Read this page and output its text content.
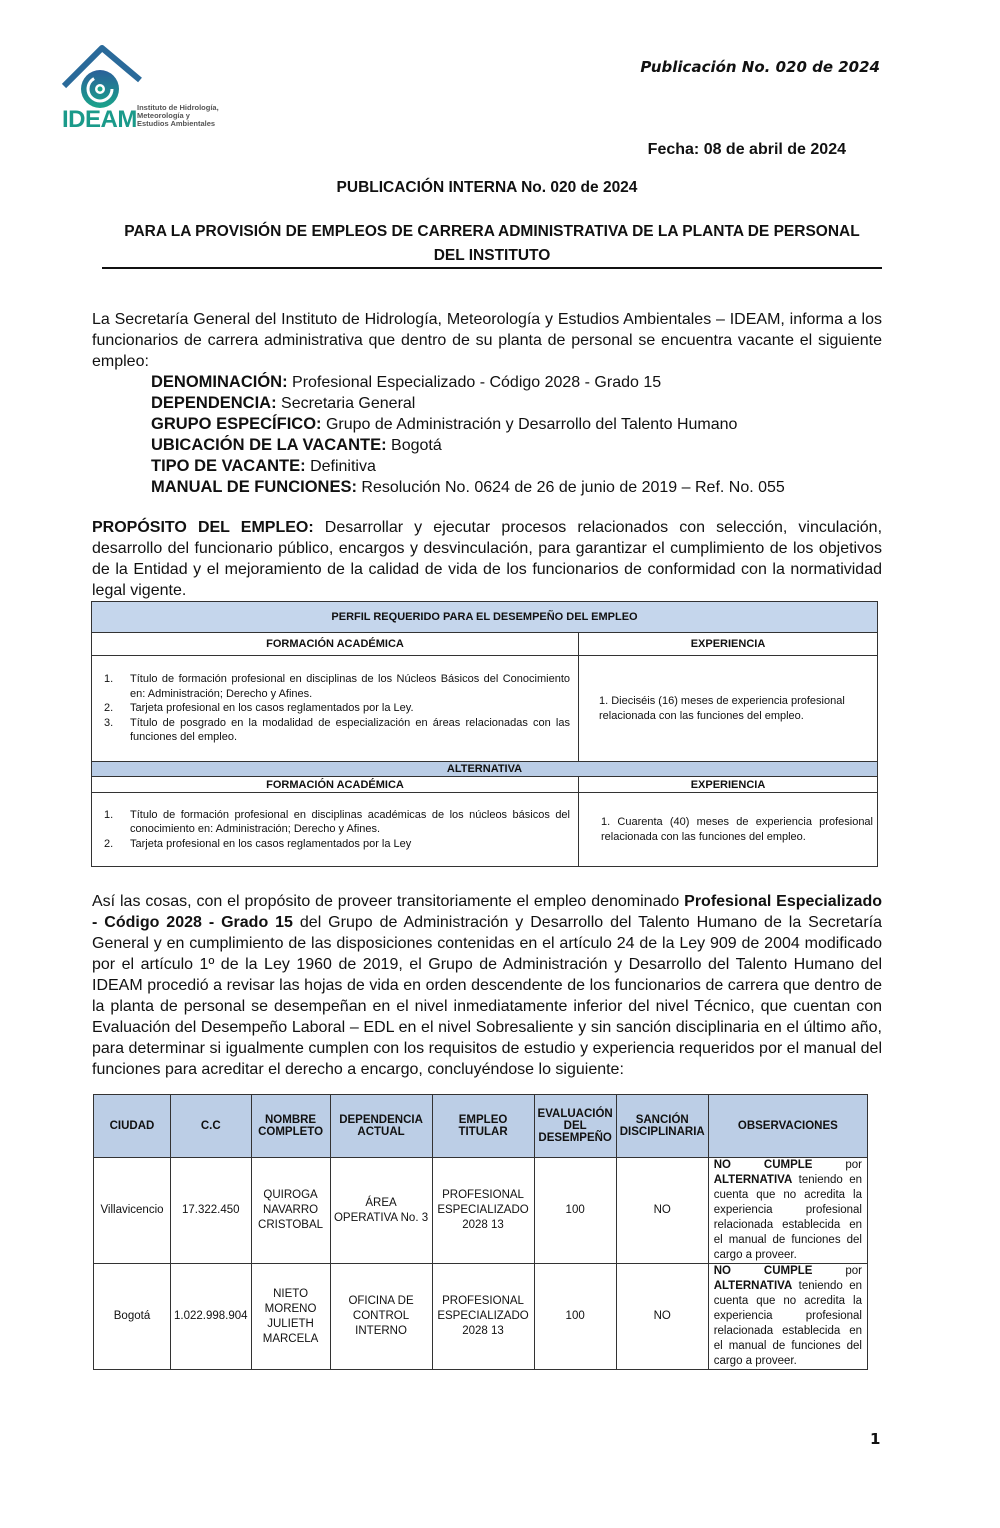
IDEAM Instituto de Hidrología,
Meteorología y
Estudios Ambientales
Publicación No. 020 de 2024
Fecha: 08 de abril de 2024
PUBLICACIÓN INTERNA No. 020 de 2024
PARA LA PROVISIÓN DE EMPLEOS DE CARRERA ADMINISTRATIVA DE LA PLANTA DE PERSONAL DEL INSTITUTO
La Secretaría General del Instituto de Hidrología, Meteorología y Estudios Ambientales – IDEAM, informa a los funcionarios de carrera administrativa que dentro de su planta de personal se encuentra vacante el siguiente empleo:
DENOMINACIÓN: Profesional Especializado - Código 2028 - Grado 15
DEPENDENCIA: Secretaria General
GRUPO ESPECÍFICO: Grupo de Administración y Desarrollo del Talento Humano
UBICACIÓN DE LA VACANTE: Bogotá
TIPO DE VACANTE: Definitiva
MANUAL DE FUNCIONES: Resolución No. 0624 de 26 de junio de 2019 – Ref. No. 055
PROPÓSITO DEL EMPLEO: Desarrollar y ejecutar procesos relacionados con selección, vinculación, desarrollo del funcionario público, encargos y desvinculación, para garantizar el cumplimiento de los objetivos de la Entidad y el mejoramiento de la calidad de vida de los funcionarios de conformidad con la normatividad legal vigente.
PERFIL REQUERIDO PARA EL DESEMPEÑO DEL EMPLEO	
FORMACIÓN ACADÉMICA	EXPERIENCIA

1. Título de formación profesional en disciplinas de los Núcleos Básicos del Conocimiento en: Administración; Derecho y Afines.
2. Tarjeta profesional en los casos reglamentados por la Ley.
3. Título de posgrado en la modalidad de especialización en áreas relacionadas con las funciones del empleo.
	1. Dieciséis (16) meses de experiencia profesional relacionada con las funciones del empleo.
ALTERNATIVA	
FORMACIÓN ACADÉMICA	EXPERIENCIA

1. Título de formación profesional en disciplinas académicas de los núcleos básicos del conocimiento en: Administración; Derecho y Afines.
2. Tarjeta profesional en los casos reglamentados por la Ley
	1. Cuarenta (40) meses de experiencia profesional relacionada con las funciones del empleo.
Así las cosas, con el propósito de proveer transitoriamente el empleo denominado Profesional Especializado - Código 2028 - Grado 15 del Grupo de Administración y Desarrollo del Talento Humano de la Secretaría General y en cumplimiento de las disposiciones contenidas en el artículo 24 de la Ley 909 de 2004 modificado por el artículo 1º de la Ley 1960 de 2019, el Grupo de Administración y Desarrollo del Talento Humano del IDEAM procedió a revisar las hojas de vida en orden descendente de los funcionarios de carrera que dentro de la planta de personal se desempeñan en el nivel inmediatamente inferior del nivel Técnico, que cuentan con Evaluación del Desempeño Laboral – EDL en el nivel Sobresaliente y sin sanción disciplinaria en el último año, para determinar si igualmente cumplen con los requisitos de estudio y experiencia requeridos por el manual del funciones para acreditar el derecho a encargo, concluyéndose lo siguiente:
CIUDAD	C.C	NOMBRE COMPLETO	DEPENDENCIA ACTUAL	EMPLEO TITULAR	EVALUACIÓN DEL DESEMPEÑO	SANCIÓN DISCIPLINARIA	OBSERVACIONES
Villavicencio	17.322.450	QUIROGA NAVARRO CRISTOBAL	ÁREA OPERATIVA No. 3	PROFESIONAL ESPECIALIZADO 2028 13	100	NO	NO CUMPLE por ALTERNATIVA teniendo en cuenta que no acredita la experiencia profesional relacionada establecida en el manual de funciones del cargo a proveer.
Bogotá	1.022.998.904	NIETO MORENO JULIETH MARCELA	OFICINA DE CONTROL INTERNO	PROFESIONAL ESPECIALIZADO 2028 13	100	NO	NO CUMPLE por ALTERNATIVA teniendo en cuenta que no acredita la experiencia profesional relacionada establecida en el manual de funciones del cargo a proveer.
1
